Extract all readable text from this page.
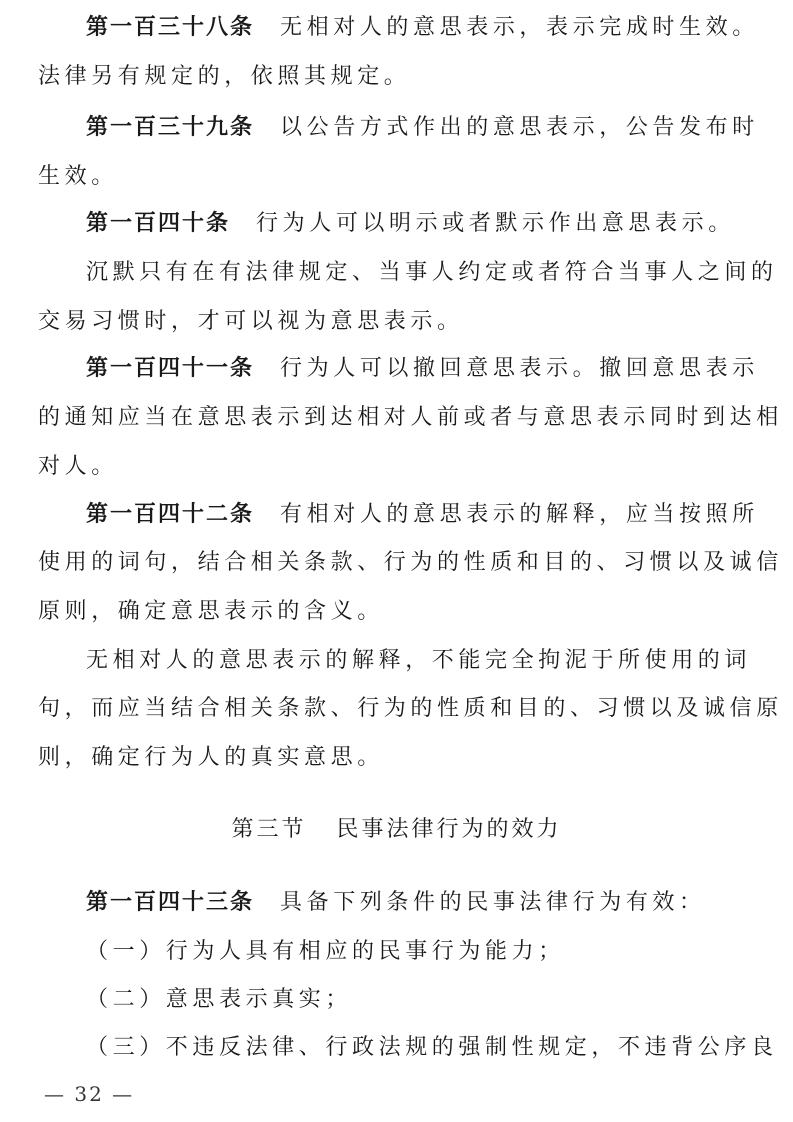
第一百三十八条 无相对人的意思表示，表示完成时生效。
法律另有规定的，依照其规定。
第一百三十九条 以公告方式作出的意思表示，公告发布时
生效。
第一百四十条 行为人可以明示或者默示作出意思表示。
沉默只有在有法律规定、当事人约定或者符合当事人之间的
交易习惯时，才可以视为意思表示。
第一百四十一条 行为人可以撤回意思表示。撤回意思表示
的通知应当在意思表示到达相对人前或者与意思表示同时到达相
对人。
第一百四十二条 有相对人的意思表示的解释，应当按照所
使用的词句，结合相关条款、行为的性质和目的、习惯以及诚信
原则，确定意思表示的含义。
无相对人的意思表示的解释，不能完全拘泥于所使用的词
句，而应当结合相关条款、行为的性质和目的、习惯以及诚信原
则，确定行为人的真实意思。
第三节 民事法律行为的效力
第一百四十三条 具备下列条件的民事法律行为有效：
（一）行为人具有相应的民事行为能力；
（二）意思表示真实；
（三）不违反法律、行政法规的强制性规定，不违背公序良
— 32 —
